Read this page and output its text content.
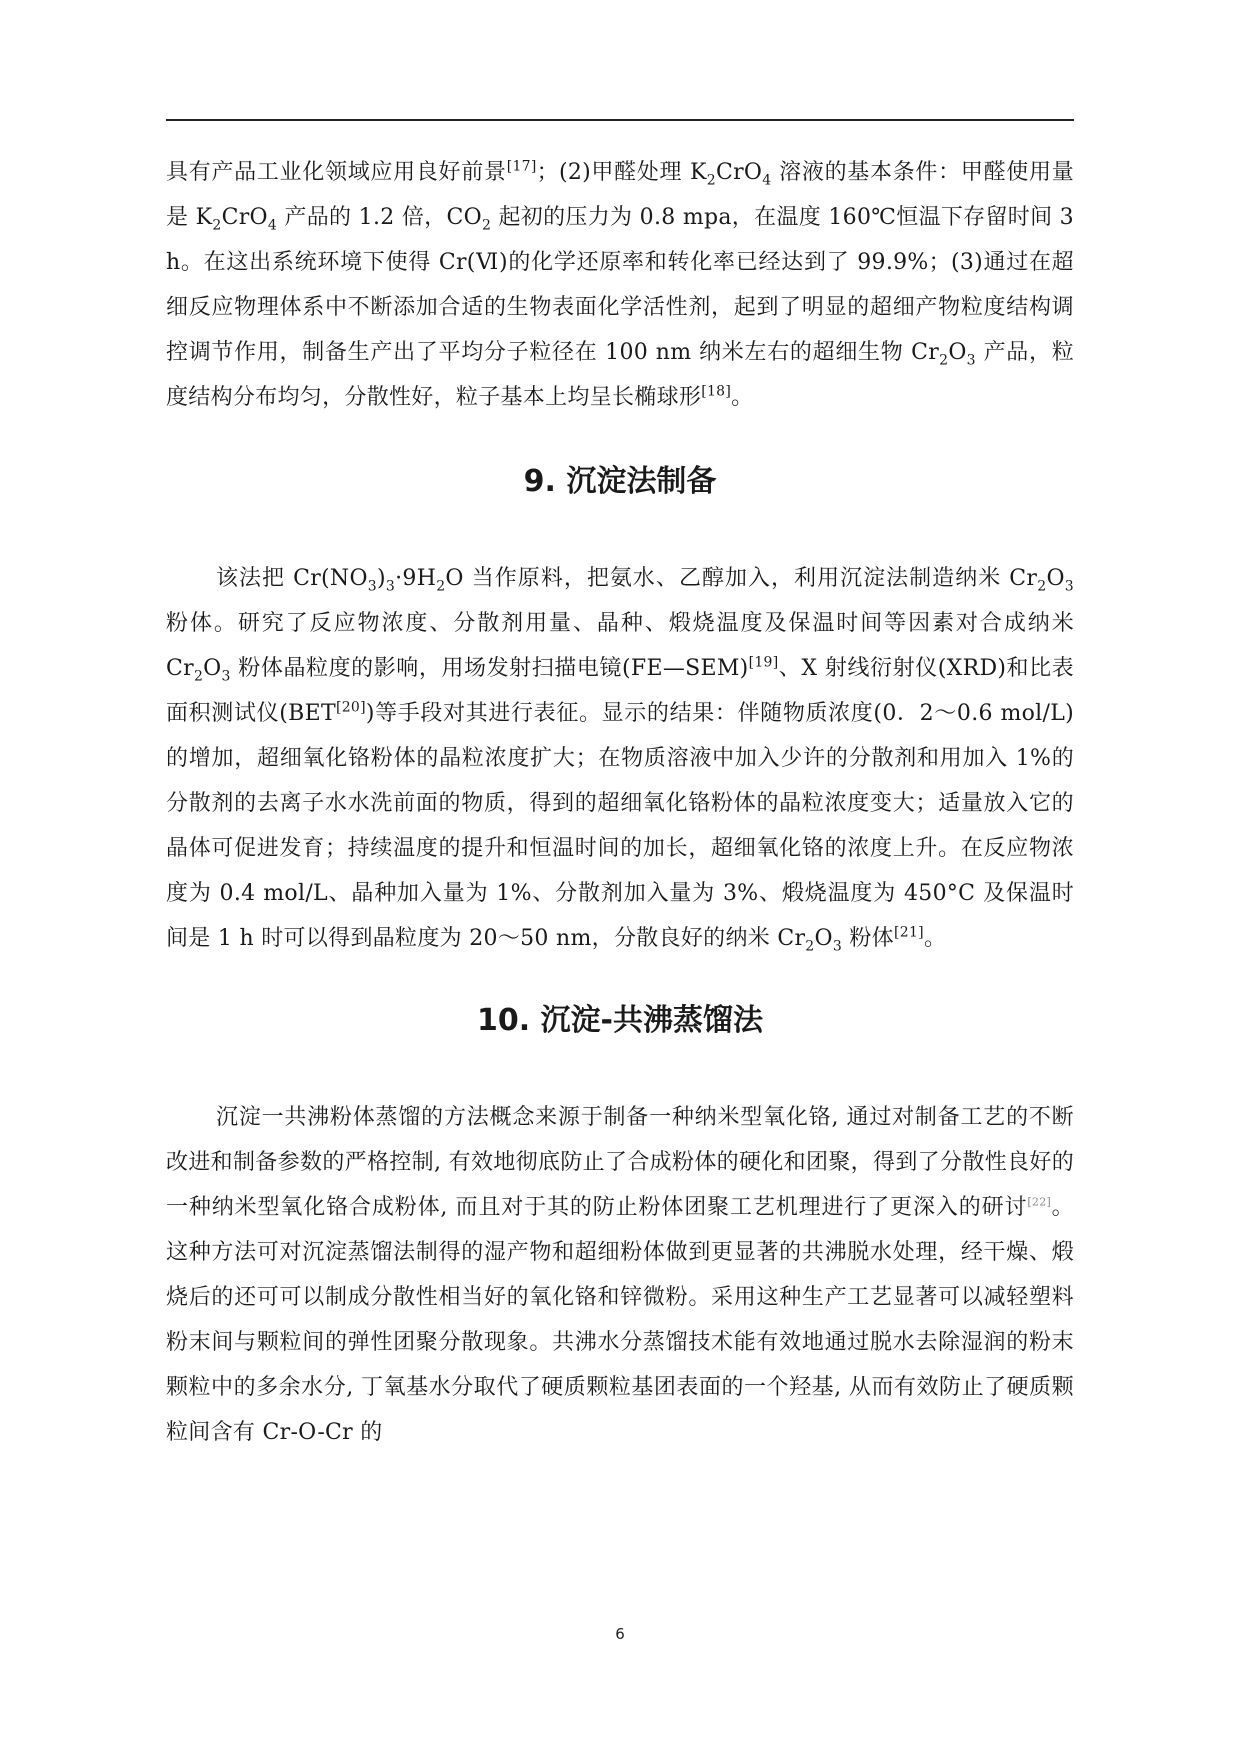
具有产品工业化领域应用良好前景[17]；(2)甲醛处理 $K_2CrO_4$ 溶液的基本条件：甲醛使用量是 $K_2CrO_4$ 产品的 1.2 倍，$CO_2$ 起初的压力为 0.8 mpa，在温度 160℃恒温下存留时间 3 h。在这出系统环境下使得 Cr(Ⅵ)的化学还原率和转化率已经达到了 99.9%；(3)通过在超细反应物理体系中不断添加合适的生物表面化学活性剂，起到了明显的超细产物粒度结构调控调节作用，制备生产出了平均分子粒径在 100 nm 纳米左右的超细生物 $Cr_2O_3$ 产品，粒度结构分布均匀，分散性好，粒子基本上均呈长椭球形[18]。

9. 沉淀法制备

该法把 $Cr(NO_3)_3\cdot 9H_2O$ 当作原料，把氨水、乙醇加入，利用沉淀法制造纳米 $Cr_2O_3$ 粉体。研究了反应物浓度、分散剂用量、晶种、煅烧温度及保温时间等因素对合成纳米 $Cr_2O_3$ 粉体晶粒度的影响，用场发射扫描电镜(FE—SEM)[19]、X 射线衍射仪(XRD)和比表面积测试仪(BET[20])等手段对其进行表征。显示的结果：伴随物质浓度(0．2～0.6 mol/L)的增加，超细氧化铬粉体的晶粒浓度扩大；在物质溶液中加入少许的分散剂和用加入 1%的分散剂的去离子水水洗前面的物质，得到的超细氧化铬粉体的晶粒浓度变大；适量放入它的晶体可促进发育；持续温度的提升和恒温时间的加长，超细氧化铬的浓度上升。在反应物浓度为 0.4 mol/L、晶种加入量为 1%、分散剂加入量为 3%、煅烧温度为 450°C 及保温时间是 1 h 时可以得到晶粒度为 20～50 nm，分散良好的纳米 $Cr_2O_3$ 粉体[21]。

10. 沉淀-共沸蒸馏法

沉淀一共沸粉体蒸馏的方法概念来源于制备一种纳米型氧化铬, 通过对制备工艺的不断改进和制备参数的严格控制, 有效地彻底防止了合成粉体的硬化和团聚，得到了分散性良好的一种纳米型氧化铬合成粉体, 而且对于其的防止粉体团聚工艺机理进行了更深入的研讨[22]。这种方法可对沉淀蒸馏法制得的湿产物和超细粉体做到更显著的共沸脱水处理，经干燥、煅烧后的还可可以制成分散性相当好的氧化铬和锌微粉。采用这种生产工艺显著可以减轻塑料粉末间与颗粒间的弹性团聚分散现象。共沸水分蒸馏技术能有效地通过脱水去除湿润的粉末颗粒中的多余水分, 丁氧基水分取代了硬质颗粒基团表面的一个羟基, 从而有效防止了硬质颗粒间含有 Cr-O-Cr 的

6
